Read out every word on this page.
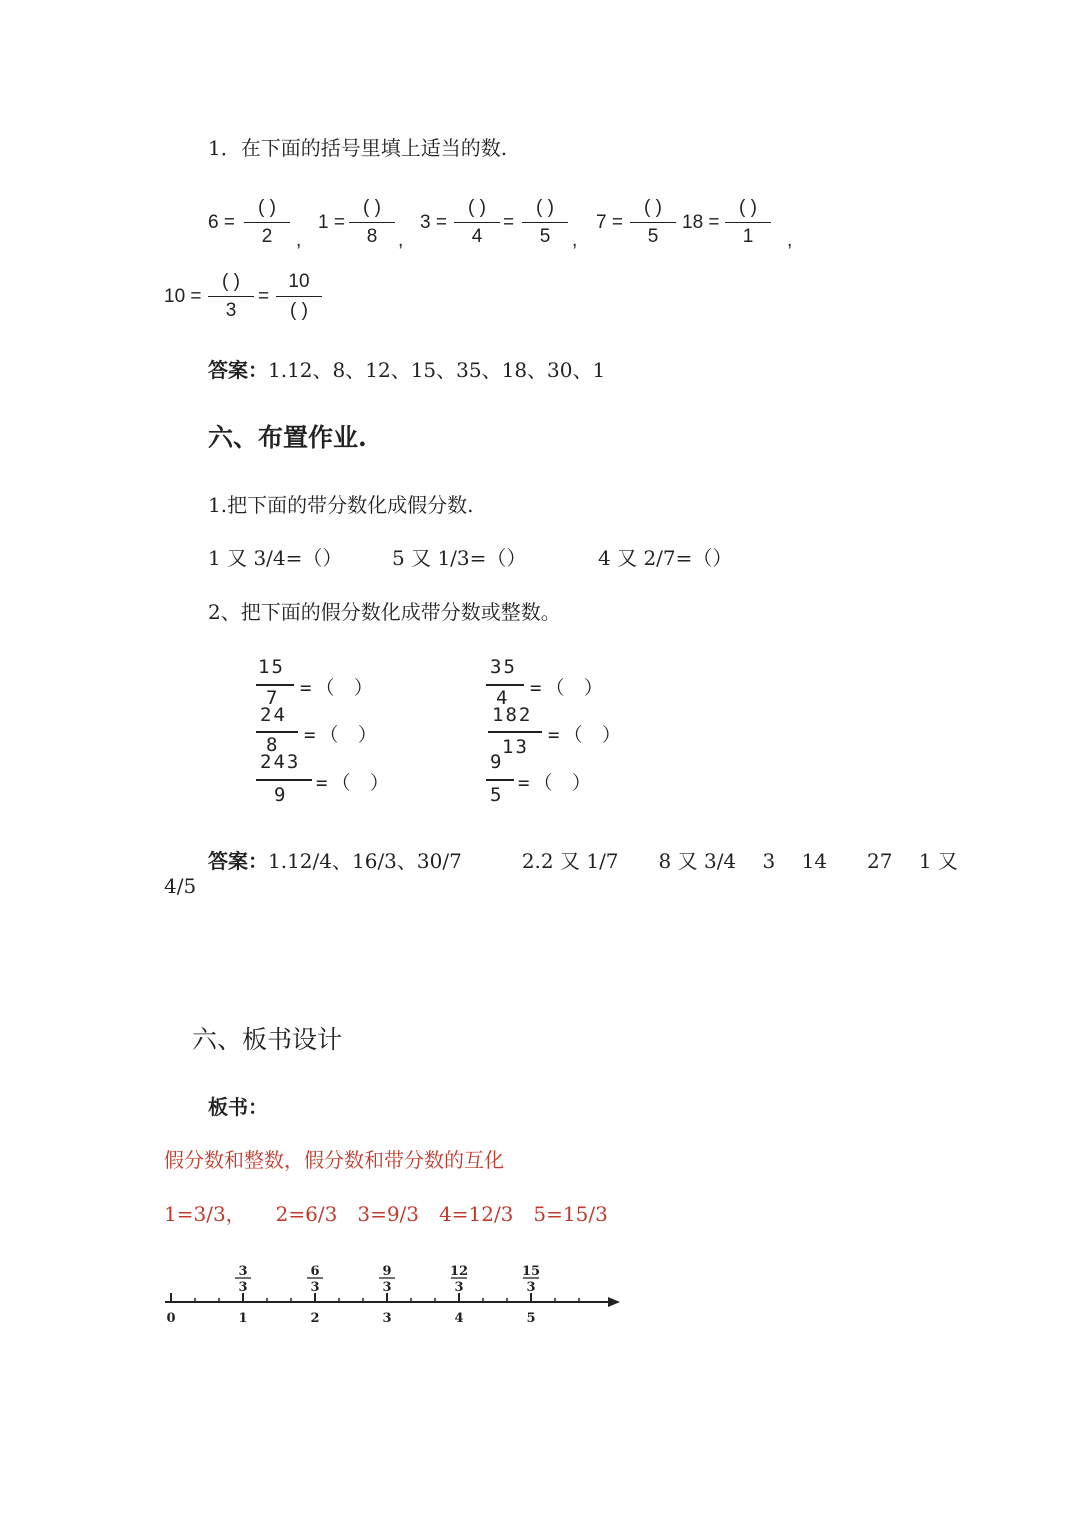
1．在下面的括号里填上适当的数.
6 =
( )
2	,
1 =
( )
8	,
3 =
( )
4
=
( )
5	,
7 =
( )
5
18 =
( )
1	,
10 =
( )
3
=
10
( )
答案：1.12、8、12、15、35、18、30、1
六、布置作业.
1.把下面的带分数化成假分数.
1 又 3/4=（） 5 又 1/3=（）	4 又 2/7=（）
2、把下面的假分数化成带分数或整数。
15
7 =（ ）
24
8 =（ ）
243
9
=（ ）
35
4 =（ ）
182
13
=（ ）
9
5
=（ ）
答案：1.12/4、16/3、30/7　　　2.2 又 1/7　　8 又 3/4　 3　 14　　27　 1 又
4/5
六、板书设计
板书：
假分数和整数，假分数和带分数的互化
1=3/3，　　2=6/3　3=9/3　4=12/3　5=15/3
0	1	2	3	4	5
3
3
6
3
9
3
12
3
15
3
